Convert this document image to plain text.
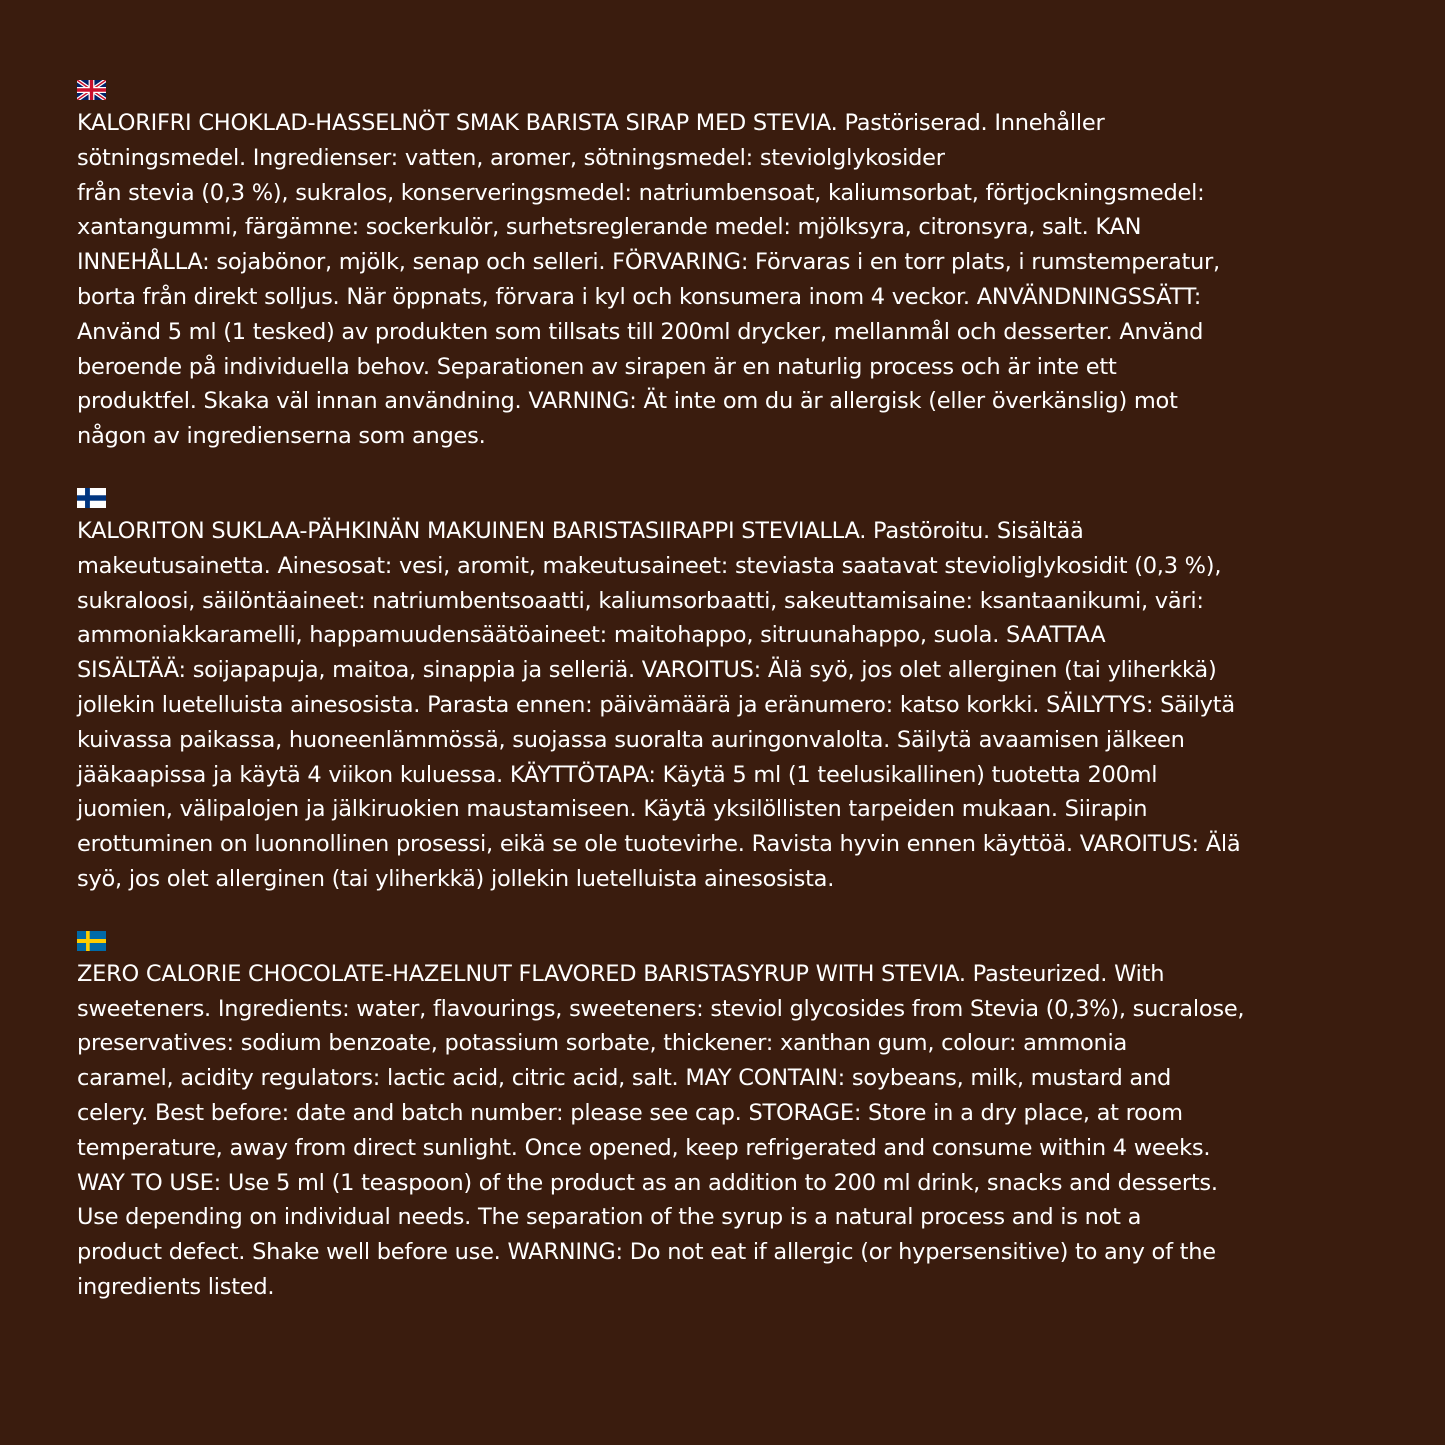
KALORIFRI CHOKLAD-HASSELNÖT SMAK BARISTA SIRAP MED STEVIA. Pastöriserad. Innehåller
sötningsmedel. Ingredienser: vatten, aromer, sötningsmedel: steviolglykosider
från stevia (0,3 %), sukralos, konserveringsmedel: natriumbensoat, kaliumsorbat, förtjockningsmedel:
xantangummi, färgämne: sockerkulör, surhetsreglerande medel: mjölksyra, citronsyra, salt. KAN
INNEHÅLLA: sojabönor, mjölk, senap och selleri. FÖRVARING: Förvaras i en torr plats, i rumstemperatur,
borta från direkt solljus. När öppnats, förvara i kyl och konsumera inom 4 veckor. ANVÄNDNINGSSÄTT:
Använd 5 ml (1 tesked) av produkten som tillsats till 200ml drycker, mellanmål och desserter. Använd
beroende på individuella behov. Separationen av sirapen är en naturlig process och är inte ett
produktfel. Skaka väl innan användning. VARNING: Ät inte om du är allergisk (eller överkänslig) mot
någon av ingredienserna som anges.

KALORITON SUKLAA-PÄHKINÄN MAKUINEN BARISTASIIRAPPI STEVIALLA. Pastöroitu. Sisältää
makeutusainetta. Ainesosat: vesi, aromit, makeutusaineet: steviasta saatavat stevioliglykosidit (0,3 %),
sukraloosi, säilöntäaineet: natriumbentsoaatti, kaliumsorbaatti, sakeuttamisaine: ksantaanikumi, väri:
ammoniakkaramelli, happamuudensäätöaineet: maitohappo, sitruunahappo, suola. SAATTAA
SISÄLTÄÄ: soijapapuja, maitoa, sinappia ja selleriä. VAROITUS: Älä syö, jos olet allerginen (tai yliherkkä)
jollekin luetelluista ainesosista. Parasta ennen: päivämäärä ja eränumero: katso korkki. SÄILYTYS: Säilytä
kuivassa paikassa, huoneenlämmössä, suojassa suoralta auringonvalolta. Säilytä avaamisen jälkeen
jääkaapissa ja käytä 4 viikon kuluessa. KÄYTTÖTAPA: Käytä 5 ml (1 teelusikallinen) tuotetta 200ml
juomien, välipalojen ja jälkiruokien maustamiseen. Käytä yksilöllisten tarpeiden mukaan. Siirapin
erottuminen on luonnollinen prosessi, eikä se ole tuotevirhe. Ravista hyvin ennen käyttöä. VAROITUS: Älä
syö, jos olet allerginen (tai yliherkkä) jollekin luetelluista ainesosista.

ZERO CALORIE CHOCOLATE-HAZELNUT FLAVORED BARISTASYRUP WITH STEVIA. Pasteurized. With
sweeteners. Ingredients: water, flavourings, sweeteners: steviol glycosides from Stevia (0,3%), sucralose,
preservatives: sodium benzoate, potassium sorbate, thickener: xanthan gum, colour: ammonia
caramel, acidity regulators: lactic acid, citric acid, salt. MAY CONTAIN: soybeans, milk, mustard and
celery. Best before: date and batch number: please see cap. STORAGE: Store in a dry place, at room
temperature, away from direct sunlight. Once opened, keep refrigerated and consume within 4 weeks.
WAY TO USE: Use 5 ml (1 teaspoon) of the product as an addition to 200 ml drink, snacks and desserts.
Use depending on individual needs. The separation of the syrup is a natural process and is not a
product defect. Shake well before use. WARNING: Do not eat if allergic (or hypersensitive) to any of the
ingredients listed.
